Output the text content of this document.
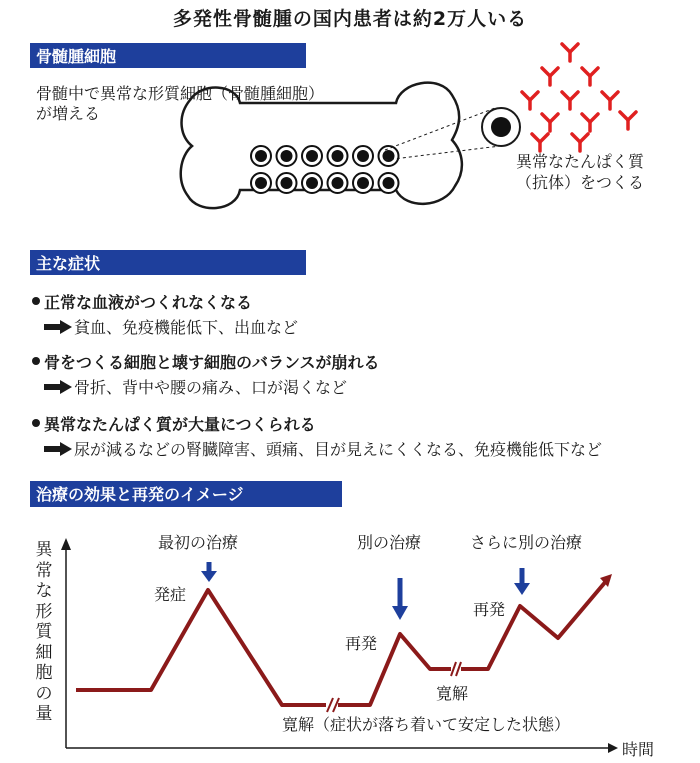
多発性骨髄腫の国内患者は約2万人いる
骨髄腫細胞
骨髄中で異常な形質細胞（骨髄腫細胞）
が増える
異常なたんぱく質
（抗体）をつくる
主な症状
正常な血液がつくれなくなる
貧血、免疫機能低下、出血など
骨をつくる細胞と壊す細胞のバランスが崩れる
骨折、背中や腰の痛み、口が渇くなど
異常なたんぱく質が大量につくられる
尿が減るなどの腎臓障害、頭痛、目が見えにくくなる、免疫機能低下など
治療の効果と再発のイメージ
異常な形質細胞の量
時間
最初の治療	別の治療	さらに別の治療
発症
再発
再発
寛解
寛解（症状が落ち着いて安定した状態）
